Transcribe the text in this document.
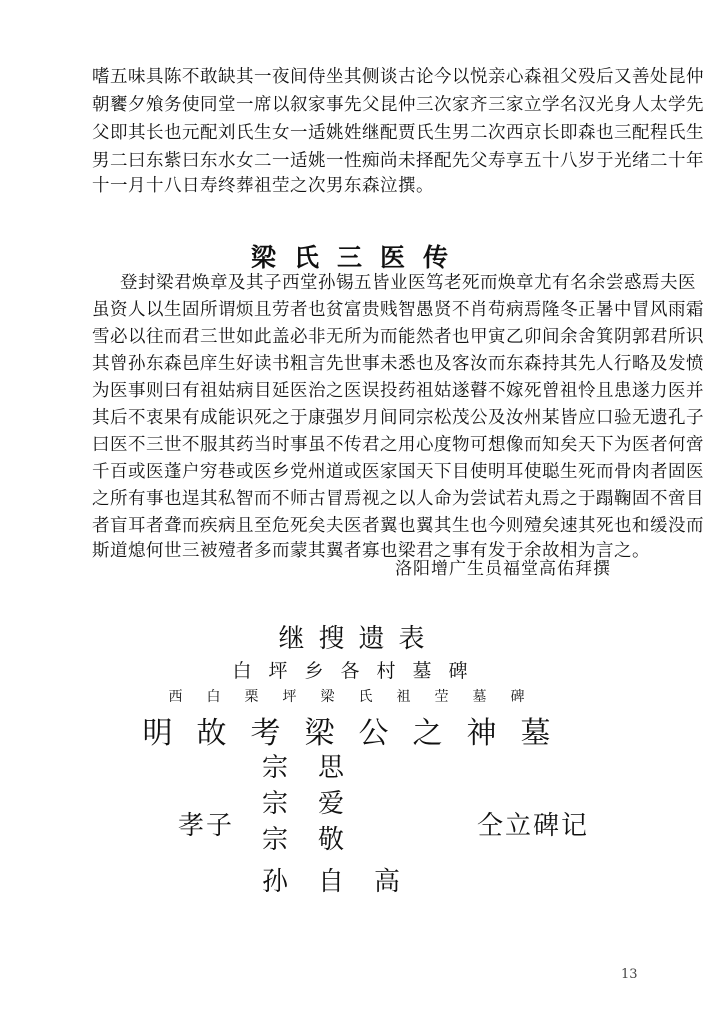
嗜五味具陈不敢缺其一夜间侍坐其侧谈古论今以悦亲心森祖父殁后又善处昆仲
朝饔夕飧务使同堂一席以叙家事先父昆仲三次家齐三家立学名汉光身人太学先
父即其长也元配刘氏生女一适姚姓继配贾氏生男二次西京长即森也三配程氏生
男二曰东紫曰东水女二一适姚一性痴尚未择配先父寿享五十八岁于光绪二十年
十一月十八日寿终葬祖茔之次男东森泣撰。
梁氏三医传
登封梁君焕章及其子西堂孙锡五皆业医笃老死而焕章尤有名余尝惑焉夫医
虽资人以生固所谓烦且劳者也贫富贵贱智愚贤不肖苟病焉隆冬正暑中冒风雨霜
雪必以往而君三世如此盖必非无所为而能然者也甲寅乙卯间余舍箕阴郭君所识
其曾孙东森邑庠生好读书粗言先世事未悉也及客汝而东森持其先人行略及发愤
为医事则曰有祖姑病目延医治之医误投药祖姑遂瞽不嫁死曾祖怜且患遂力医并
其后不衷果有成能识死之于康强岁月间同宗松茂公及汝州某皆应口验无遗孔子
曰医不三世不服其药当时事虽不传君之用心度物可想像而知矣天下为医者何啻
千百或医蓬户穷巷或医乡党州道或医家国天下目使明耳使聪生死而骨肉者固医
之所有事也逞其私智而不师古冒焉视之以人命为尝试若丸焉之于蹋鞠固不啻目
者盲耳者聋而疾病且至危死矣夫医者翼也翼其生也今则殪矣速其死也和缓没而
斯道熄何世三被殪者多而蒙其翼者寡也梁君之事有发于余故相为言之。
洛阳增广生员福堂高佑拜撰
继搜遗表
白坪乡各村墓碑
西白栗坪梁氏祖茔墓碑
明故考梁公之神墓
宗思
宗爱
宗敬
孙自高
孝子	仝立碑记
13
